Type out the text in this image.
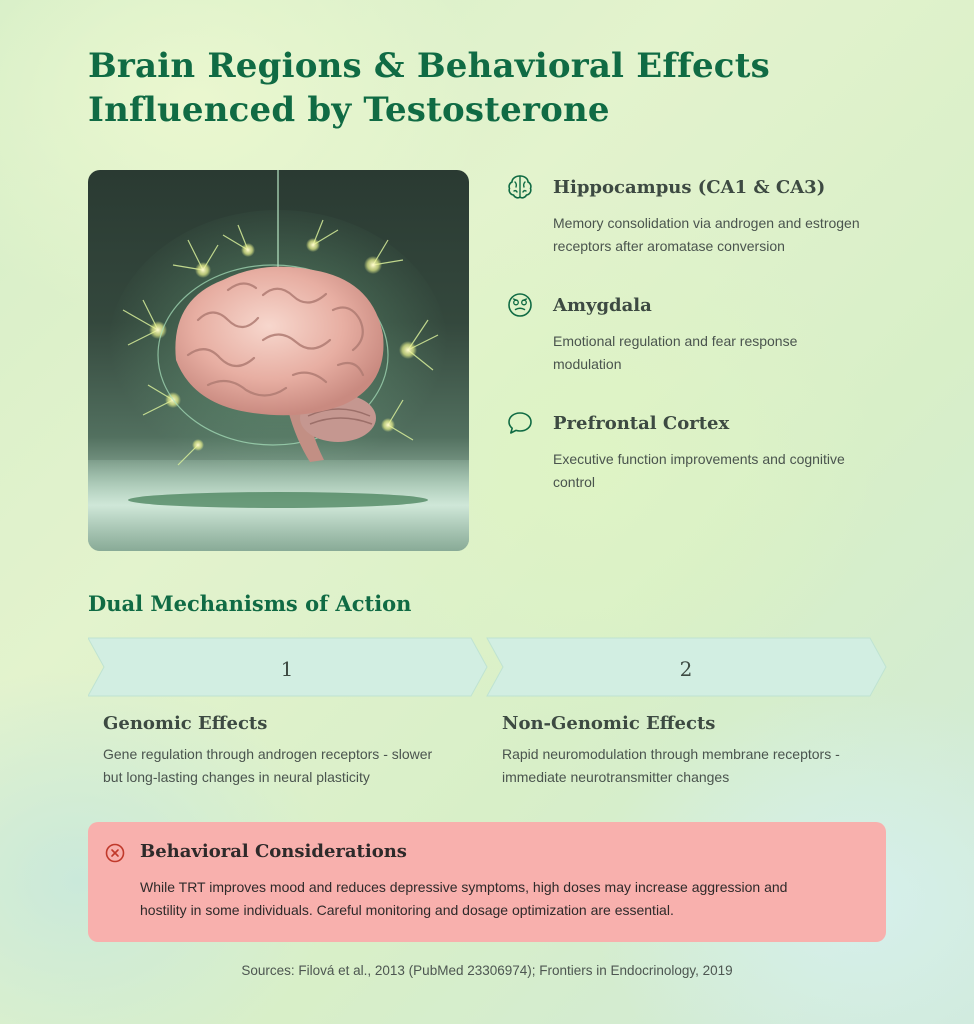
Brain Regions & Behavioral Effects
Influenced by Testosterone
Hippocampus (CA1 & CA3)

Memory consolidation via androgen and estrogen
receptors after aromatase conversion

Amygdala

Emotional regulation and fear response
modulation

Prefrontal Cortex

Executive function improvements and cognitive
control

Dual Mechanisms of Action
1	2
Genomic Effects

Gene regulation through androgen receptors - slower
but long-lasting changes in neural plasticity

Non-Genomic Effects

Rapid neuromodulation through membrane receptors -
immediate neurotransmitter changes

Behavioral Considerations

While TRT improves mood and reduces depressive symptoms, high doses may increase aggression and
hostility in some individuals. Careful monitoring and dosage optimization are essential.

Sources: Filová et al., 2013 (PubMed 23306974); Frontiers in Endocrinology, 2019
